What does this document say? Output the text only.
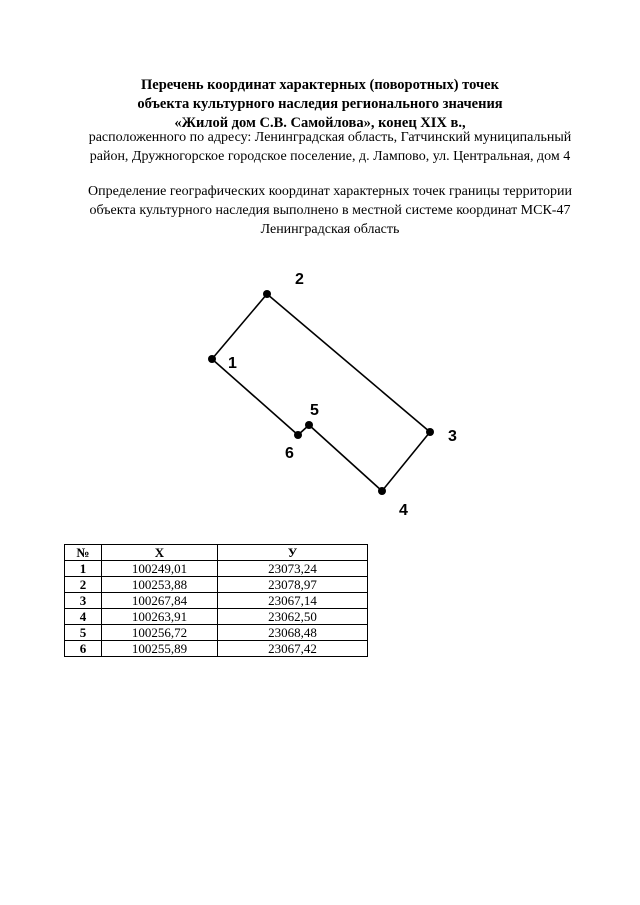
Перечень координат характерных (поворотных) точек
объекта культурного наследия регионального значения
«Жилой дом С.В. Самойлова», конец XIX в.,
расположенного по адресу: Ленинградская область, Гатчинский муниципальный
район, Дружногорское городское поселение, д. Лампово, ул. Центральная, дом 4
Определение географических координат характерных точек границы территории
объекта культурного наследия выполнено в местной системе координат МСК-47
Ленинградская область
1
2
3
4
5
6
№	X	У
1	100249,01	23073,24
2	100253,88	23078,97
3	100267,84	23067,14
4	100263,91	23062,50
5	100256,72	23068,48
6	100255,89	23067,42
